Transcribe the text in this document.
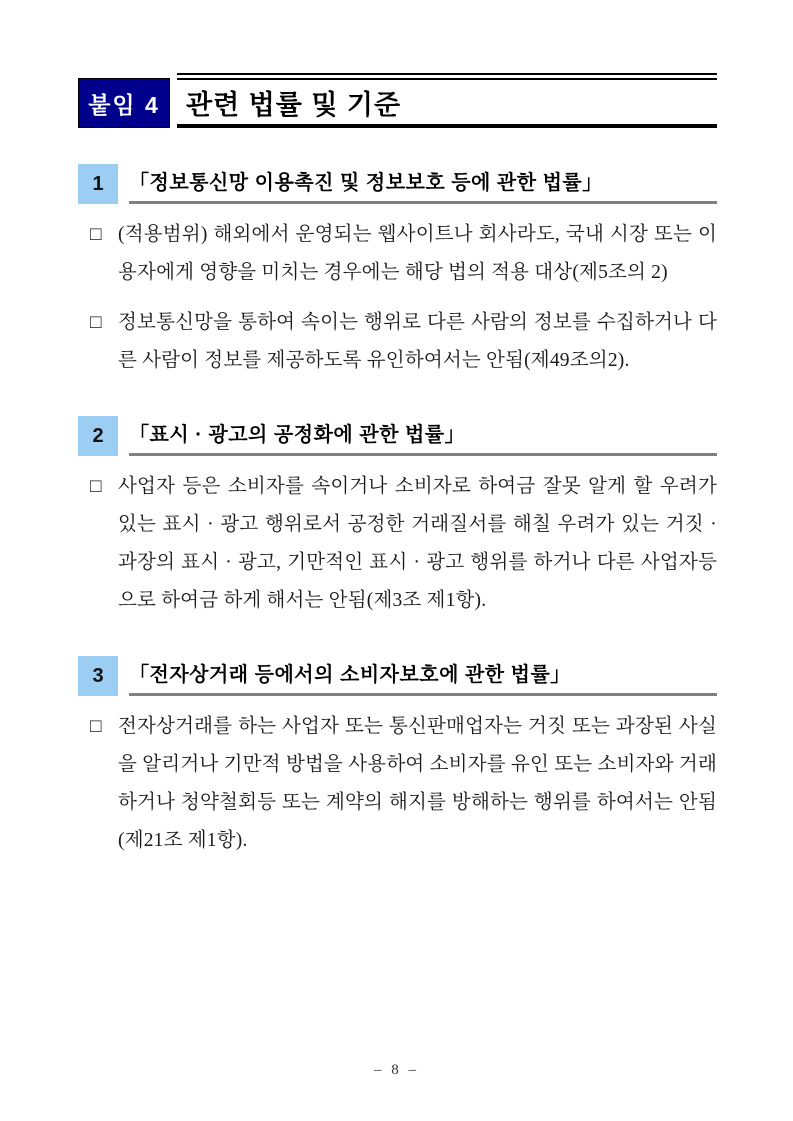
붙임 4 관련 법률 및 기준
1	「정보통신망 이용촉진 및 정보보호 등에 관한 법률」
□ (적용범위) 해외에서 운영되는 웹사이트나 회사라도, 국내 시장 또는 이용자에게 영향을 미치는 경우에는 해당 법의 적용 대상(제5조의 2)
□ 정보통신망을 통하여 속이는 행위로 다른 사람의 정보를 수집하거나 다른 사람이 정보를 제공하도록 유인하여서는 안됨(제49조의2).
2	「표시 · 광고의 공정화에 관한 법률」
□ 사업자 등은 소비자를 속이거나 소비자로 하여금 잘못 알게 할 우려가 있는 표시 · 광고 행위로서 공정한 거래질서를 해칠 우려가 있는 거짓 · 과장의 표시 · 광고, 기만적인 표시 · 광고 행위를 하거나 다른 사업자등으로 하여금 하게 해서는 안됨(제3조 제1항).
3	「전자상거래 등에서의 소비자보호에 관한 법률」
□ 전자상거래를 하는 사업자 또는 통신판매업자는 거짓 또는 과장된 사실을 알리거나 기만적 방법을 사용하여 소비자를 유인 또는 소비자와 거래하거나 청약철회등 또는 계약의 해지를 방해하는 행위를 하여서는 안됨(제21조 제1항).
– 8 –
